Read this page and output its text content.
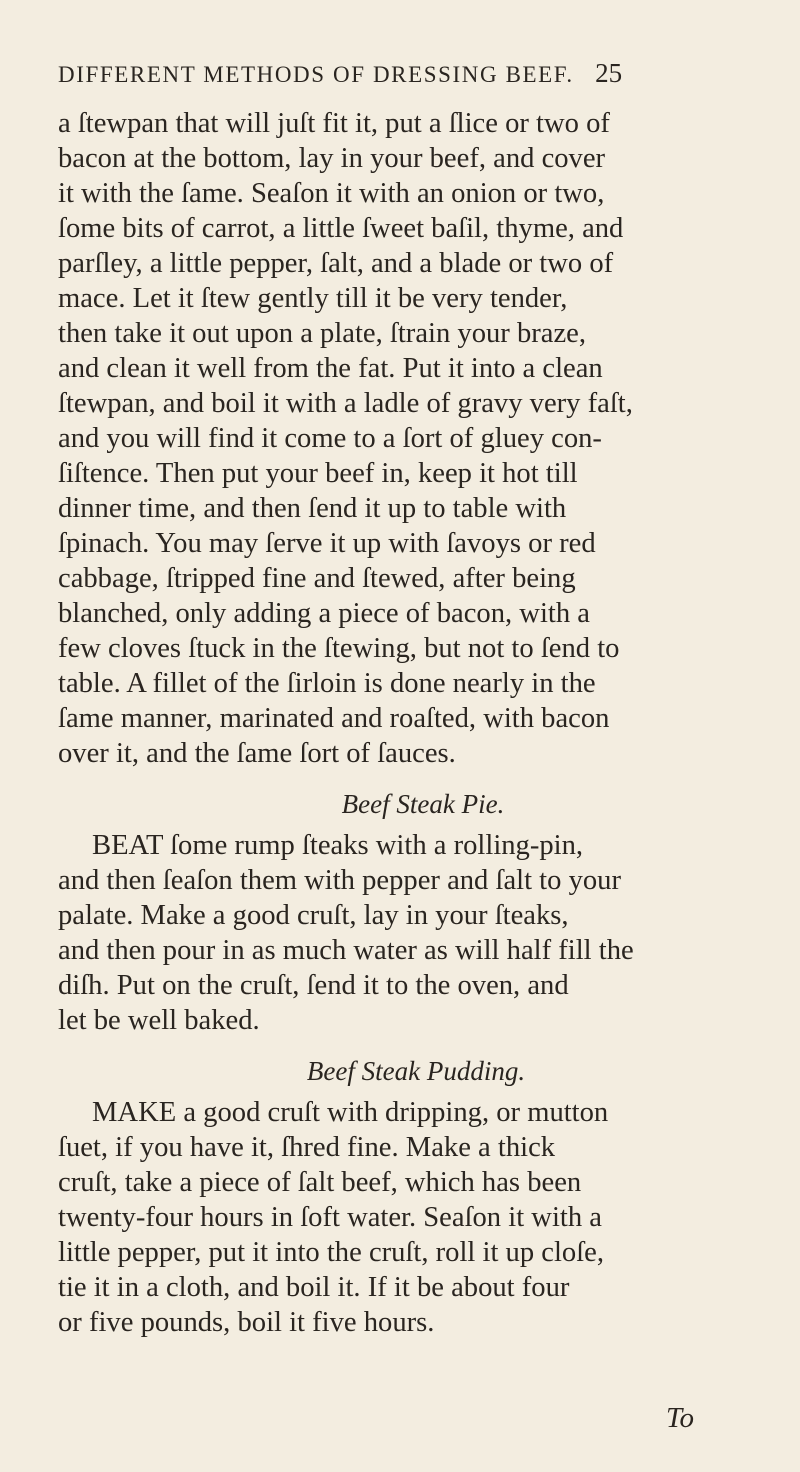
DIFFERENT METHODS OF DRESSING BEEF. 25
a ſtewpan that will juſt fit it, put a ſlice or two of
bacon at the bottom, lay in your beef, and cover
it with the ſame. Seaſon it with an onion or two,
ſome bits of carrot, a little ſweet baſil, thyme, and
parſley, a little pepper, ſalt, and a blade or two of
mace. Let it ſtew gently till it be very tender,
then take it out upon a plate, ſtrain your braze,
and clean it well from the fat. Put it into a clean
ſtewpan, and boil it with a ladle of gravy very faſt,
and you will find it come to a ſort of gluey con-
ſiſtence. Then put your beef in, keep it hot till
dinner time, and then ſend it up to table with
ſpinach. You may ſerve it up with ſavoys or red
cabbage, ſtripped fine and ſtewed, after being
blanched, only adding a piece of bacon, with a
few cloves ſtuck in the ſtewing, but not to ſend to
table. A fillet of the ſirloin is done nearly in the
ſame manner, marinated and roaſted, with bacon
over it, and the ſame ſort of ſauces.
Beef Steak Pie.
BEAT ſome rump ſteaks with a rolling-pin,
and then ſeaſon them with pepper and ſalt to your
palate. Make a good cruſt, lay in your ſteaks,
and then pour in as much water as will half fill the
diſh. Put on the cruſt, ſend it to the oven, and
let be well baked.
Beef Steak Pudding.
MAKE a good cruſt with dripping, or mutton
ſuet, if you have it, ſhred fine. Make a thick
cruſt, take a piece of ſalt beef, which has been
twenty-four hours in ſoft water. Seaſon it with a
little pepper, put it into the cruſt, roll it up cloſe,
tie it in a cloth, and boil it. If it be about four
or five pounds, boil it five hours.
To
